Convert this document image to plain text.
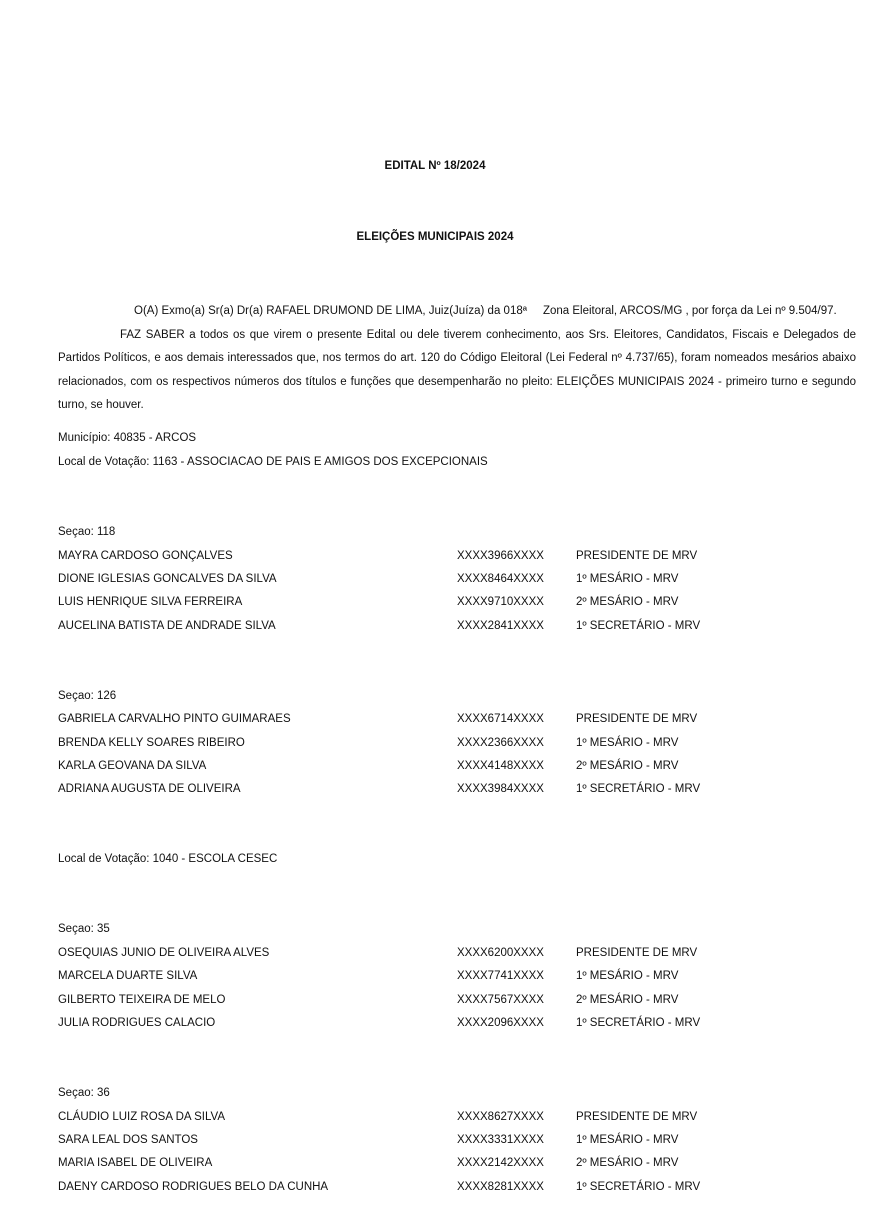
EDITAL Nº 18/2024
ELEIÇÕES MUNICIPAIS 2024

O(A) Exmo(a) Sr(a) Dr(a) RAFAEL DRUMOND DE LIMA, Juiz(Juíza) da 018ª     Zona Eleitoral, ARCOS/MG , por força da Lei nº 9.504/97.

FAZ SABER a todos os que virem o presente Edital ou dele tiverem conhecimento, aos Srs. Eleitores, Candidatos, Fiscais e Delegados de Partidos Políticos, e aos demais interessados que, nos termos do art. 120 do Código Eleitoral (Lei Federal nº 4.737/65), foram nomeados mesários abaixo relacionados, com os respectivos números dos títulos e funções que desempenharão no pleito: ELEIÇÕES MUNICIPAIS 2024 - primeiro turno e segundo turno, se houver.

Município: 40835 - ARCOS
Local de Votação: 1163 - ASSOCIACAO DE PAIS E AMIGOS DOS EXCEPCIONAIS
Seçao: 118
MAYRA CARDOSO GONÇALVES	XXXX3966XXXX	PRESIDENTE DE MRV
DIONE IGLESIAS GONCALVES DA SILVA	XXXX8464XXXX	1º MESÁRIO - MRV
LUIS HENRIQUE SILVA FERREIRA	XXXX9710XXXX	2º MESÁRIO - MRV
AUCELINA BATISTA DE ANDRADE SILVA	XXXX2841XXXX	1º SECRETÁRIO - MRV
Seçao: 126
GABRIELA CARVALHO PINTO GUIMARAES	XXXX6714XXXX	PRESIDENTE DE MRV
BRENDA KELLY SOARES RIBEIRO	XXXX2366XXXX	1º MESÁRIO - MRV
KARLA GEOVANA DA SILVA	XXXX4148XXXX	2º MESÁRIO - MRV
ADRIANA AUGUSTA DE OLIVEIRA	XXXX3984XXXX	1º SECRETÁRIO - MRV
Local de Votação: 1040 - ESCOLA CESEC
Seçao: 35
OSEQUIAS JUNIO DE OLIVEIRA ALVES	XXXX6200XXXX	PRESIDENTE DE MRV
MARCELA DUARTE SILVA	XXXX7741XXXX	1º MESÁRIO - MRV
GILBERTO TEIXEIRA DE MELO	XXXX7567XXXX	2º MESÁRIO - MRV
JULIA RODRIGUES CALACIO	XXXX2096XXXX	1º SECRETÁRIO - MRV
Seçao: 36
CLÁUDIO LUIZ ROSA DA SILVA	XXXX8627XXXX	PRESIDENTE DE MRV
SARA LEAL DOS SANTOS	XXXX3331XXXX	1º MESÁRIO - MRV
MARIA ISABEL DE OLIVEIRA	XXXX2142XXXX	2º MESÁRIO - MRV
DAENY CARDOSO RODRIGUES BELO DA CUNHA	XXXX8281XXXX	1º SECRETÁRIO - MRV
